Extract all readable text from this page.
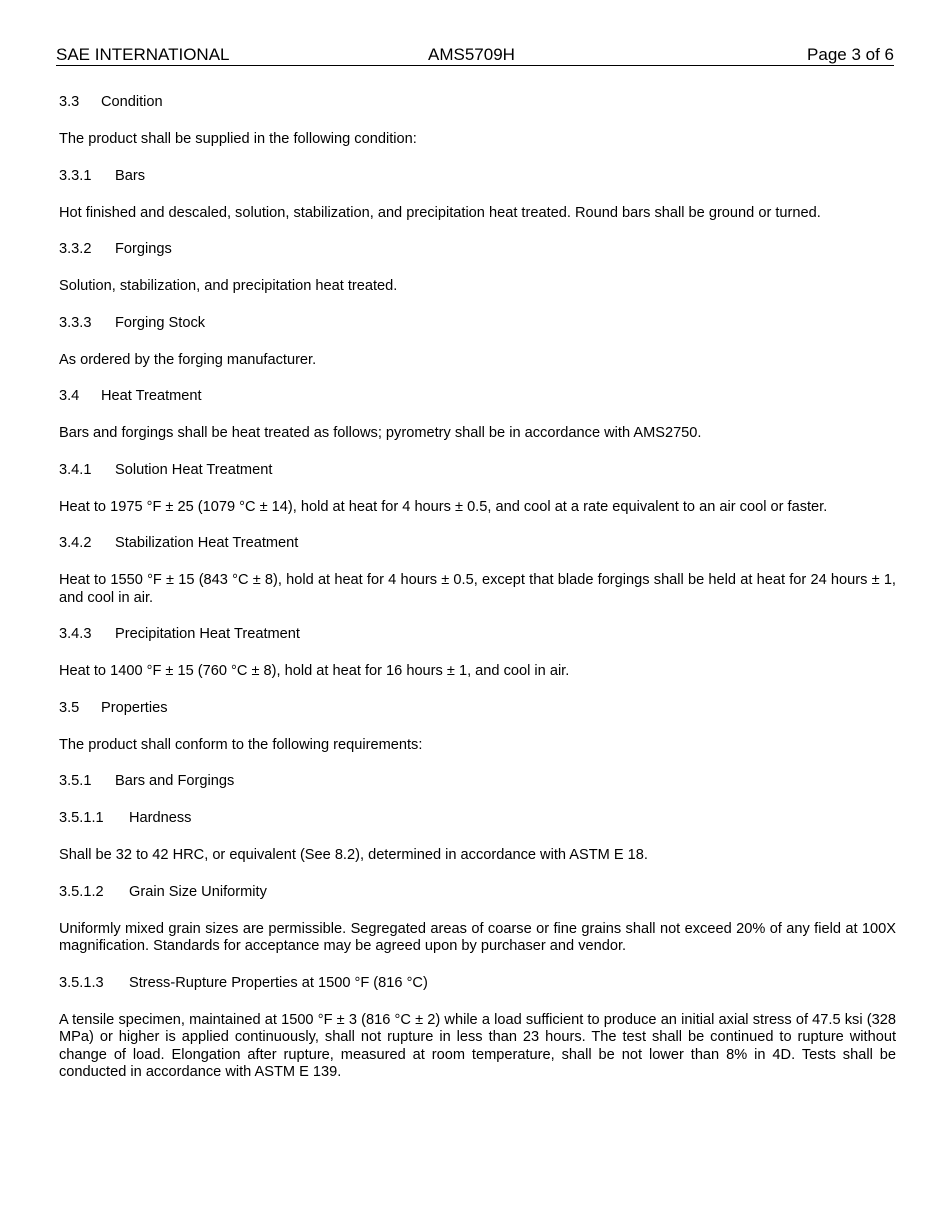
SAE INTERNATIONAL	AMS5709H	Page 3 of 6
3.3 Condition

The product shall be supplied in the following condition:

3.3.1 Bars

Hot finished and descaled, solution, stabilization, and precipitation heat treated. Round bars shall be ground or turned.

3.3.2 Forgings

Solution, stabilization, and precipitation heat treated.

3.3.3 Forging Stock

As ordered by the forging manufacturer.

3.4 Heat Treatment

Bars and forgings shall be heat treated as follows; pyrometry shall be in accordance with AMS2750.

3.4.1 Solution Heat Treatment

Heat to 1975 °F ± 25 (1079 °C ± 14), hold at heat for 4 hours ± 0.5, and cool at a rate equivalent to an air cool or faster.

3.4.2 Stabilization Heat Treatment

Heat to 1550 °F ± 15 (843 °C ± 8), hold at heat for 4 hours ± 0.5, except that blade forgings shall be held at heat for 24 hours ± 1, and cool in air.

3.4.3 Precipitation Heat Treatment

Heat to 1400 °F ± 15 (760 °C ± 8), hold at heat for 16 hours ± 1, and cool in air.

3.5 Properties

The product shall conform to the following requirements:

3.5.1 Bars and Forgings
3.5.1.1 Hardness

Shall be 32 to 42 HRC, or equivalent (See 8.2), determined in accordance with ASTM E 18.

3.5.1.2 Grain Size Uniformity

Uniformly mixed grain sizes are permissible. Segregated areas of coarse or fine grains shall not exceed 20% of any field at 100X magnification. Standards for acceptance may be agreed upon by purchaser and vendor.

3.5.1.3 Stress-Rupture Properties at 1500 °F (816 °C)

A tensile specimen, maintained at 1500 °F ± 3 (816 °C ± 2) while a load sufficient to produce an initial axial stress of 47.5 ksi (328 MPa) or higher is applied continuously, shall not rupture in less than 23 hours. The test shall be continued to rupture without change of load. Elongation after rupture, measured at room temperature, shall be not lower than 8% in 4D. Tests shall be conducted in accordance with ASTM E 139.
